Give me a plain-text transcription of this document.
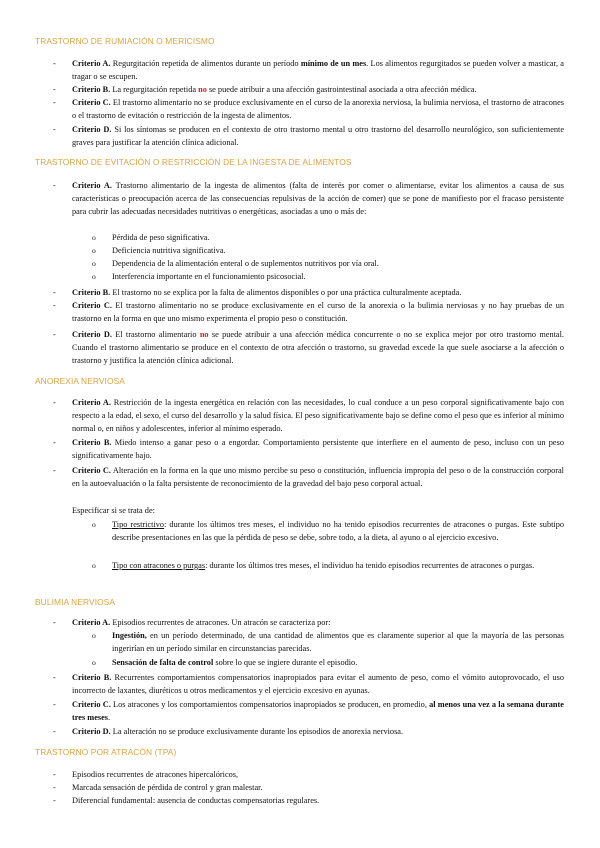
TRASTORNO DE RUMIACIÓN O MERICISMO
- Criterio A. Regurgitación repetida de alimentos durante un período mínimo de un mes. Los alimentos regurgitados se pueden volver a masticar, a tragar o se escupen.
- Criterio B. La regurgitación repetida no se puede atribuir a una afección gastrointestinal asociada a otra afección médica.
- Criterio C. El trastorno alimentario no se produce exclusivamente en el curso de la anorexia nerviosa, la bulimia nerviosa, el trastorno de atracones o el trastorno de evitación o restricción de la ingesta de alimentos.
- Criterio D. Si los síntomas se producen en el contexto de otro trastorno mental u otro trastorno del desarrollo neurológico, son suficientemente graves para justificar la atención clínica adicional.
TRASTORNO DE EVITACIÓN O RESTRICCIÓN DE LA INGESTA DE ALIMENTOS
- Criterio A. Trastorno alimentario de la ingesta de alimentos (falta de interés por comer o alimentarse, evitar los alimentos a causa de sus características o preocupación acerca de las consecuencias repulsivas de la acción de comer) que se pone de manifiesto por el fracaso persistente para cubrir las adecuadas necesidades nutritivas o energéticas, asociadas a uno o más de:
o Pérdida de peso significativa.
o Deficiencia nutritiva significativa.
o Dependencia de la alimentación enteral o de suplementos nutritivos por vía oral.
o Interferencia importante en el funcionamiento psicosocial.
- Criterio B. El trastorno no se explica por la falta de alimentos disponibles o por una práctica culturalmente aceptada.
- Criterio C. El trastorno alimentario no se produce exclusivamente en el curso de la anorexia o la bulimia nerviosas y no hay pruebas de un trastorno en la forma en que uno mismo experimenta el propio peso o constitución.
- Criterio D. El trastorno alimentario no se puede atribuir a una afección médica concurrente o no se explica mejor por otro trastorno mental. Cuando el trastorno alimentario se produce en el contexto de otra afección o trastorno, su gravedad excede la que suele asociarse a la afección o trastorno y justifica la atención clínica adicional.
ANOREXIA NERVIOSA
- Criterio A. Restricción de la ingesta energética en relación con las necesidades, lo cual conduce a un peso corporal significativamente bajo con respecto a la edad, el sexo, el curso del desarrollo y la salud física. El peso significativamente bajo se define como el peso que es inferior al mínimo normal o, en niños y adolescentes, inferior al mínimo esperado.
- Criterio B. Miedo intenso a ganar peso o a engordar. Comportamiento persistente que interfiere en el aumento de peso, incluso con un peso significativamente bajo.
- Criterio C. Alteración en la forma en la que uno mismo percibe su peso o constitución, influencia impropia del peso o de la construcción corporal en la autoevaluación o la falta persistente de reconocimiento de la gravedad del bajo peso corporal actual.
Especificar si se trata de:
o Tipo restrictivo: durante los últimos tres meses, el individuo no ha tenido episodios recurrentes de atracones o purgas. Este subtipo describe presentaciones en las que la pérdida de peso se debe, sobre todo, a la dieta, al ayuno o al ejercicio excesivo.
o Tipo con atracones o purgas: durante los últimos tres meses, el individuo ha tenido episodios recurrentes de atracones o purgas.
BULIMIA NERVIOSA
- Criterio A. Episodios recurrentes de atracones. Un atracón se caracteriza por:
o Ingestión, en un período determinado, de una cantidad de alimentos que es claramente superior al que la mayoría de las personas ingerirían en un período similar en circunstancias parecidas.
o Sensación de falta de control sobre lo que se ingiere durante el episodio.
- Criterio B. Recurrentes comportamientos compensatorios inapropiados para evitar el aumento de peso, como el vómito autoprovocado, el uso incorrecto de laxantes, diuréticos u otros medicamentos y el ejercicio excesivo en ayunas.
- Criterio C. Los atracones y los comportamientos compensatorios inapropiados se producen, en promedio, al menos una vez a la semana durante tres meses.
- Criterio D. La alteración no se produce exclusivamente durante los episodios de anorexia nerviosa.
TRASTORNO POR ATRACÓN (TPA)
- Episodios recurrentes de atracones hipercalóricos,
- Marcada sensación de pérdida de control y gran malestar.
- Diferencial fundamental: ausencia de conductas compensatorias regulares.
